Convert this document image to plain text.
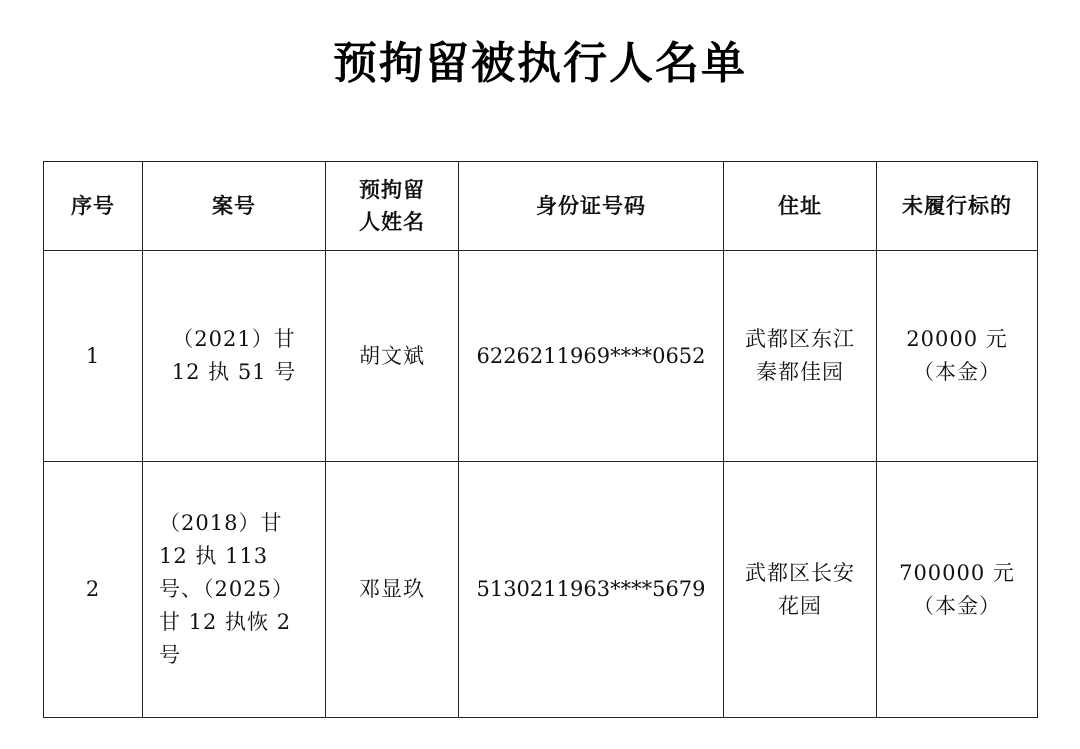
预拘留被执行人名单
序号	案号	预拘留人姓名	身份证号码	住址	未履行标的
1	（2021）甘 12 执 51 号	胡文斌	6226211969****0652	武都区东江秦都佳园	20000 元（本金）
2	（2018）甘 12 执 113 号、（2025）甘 12 执恢 2 号	邓显玖	5130211963****5679	武都区长安花园	700000 元（本金）
